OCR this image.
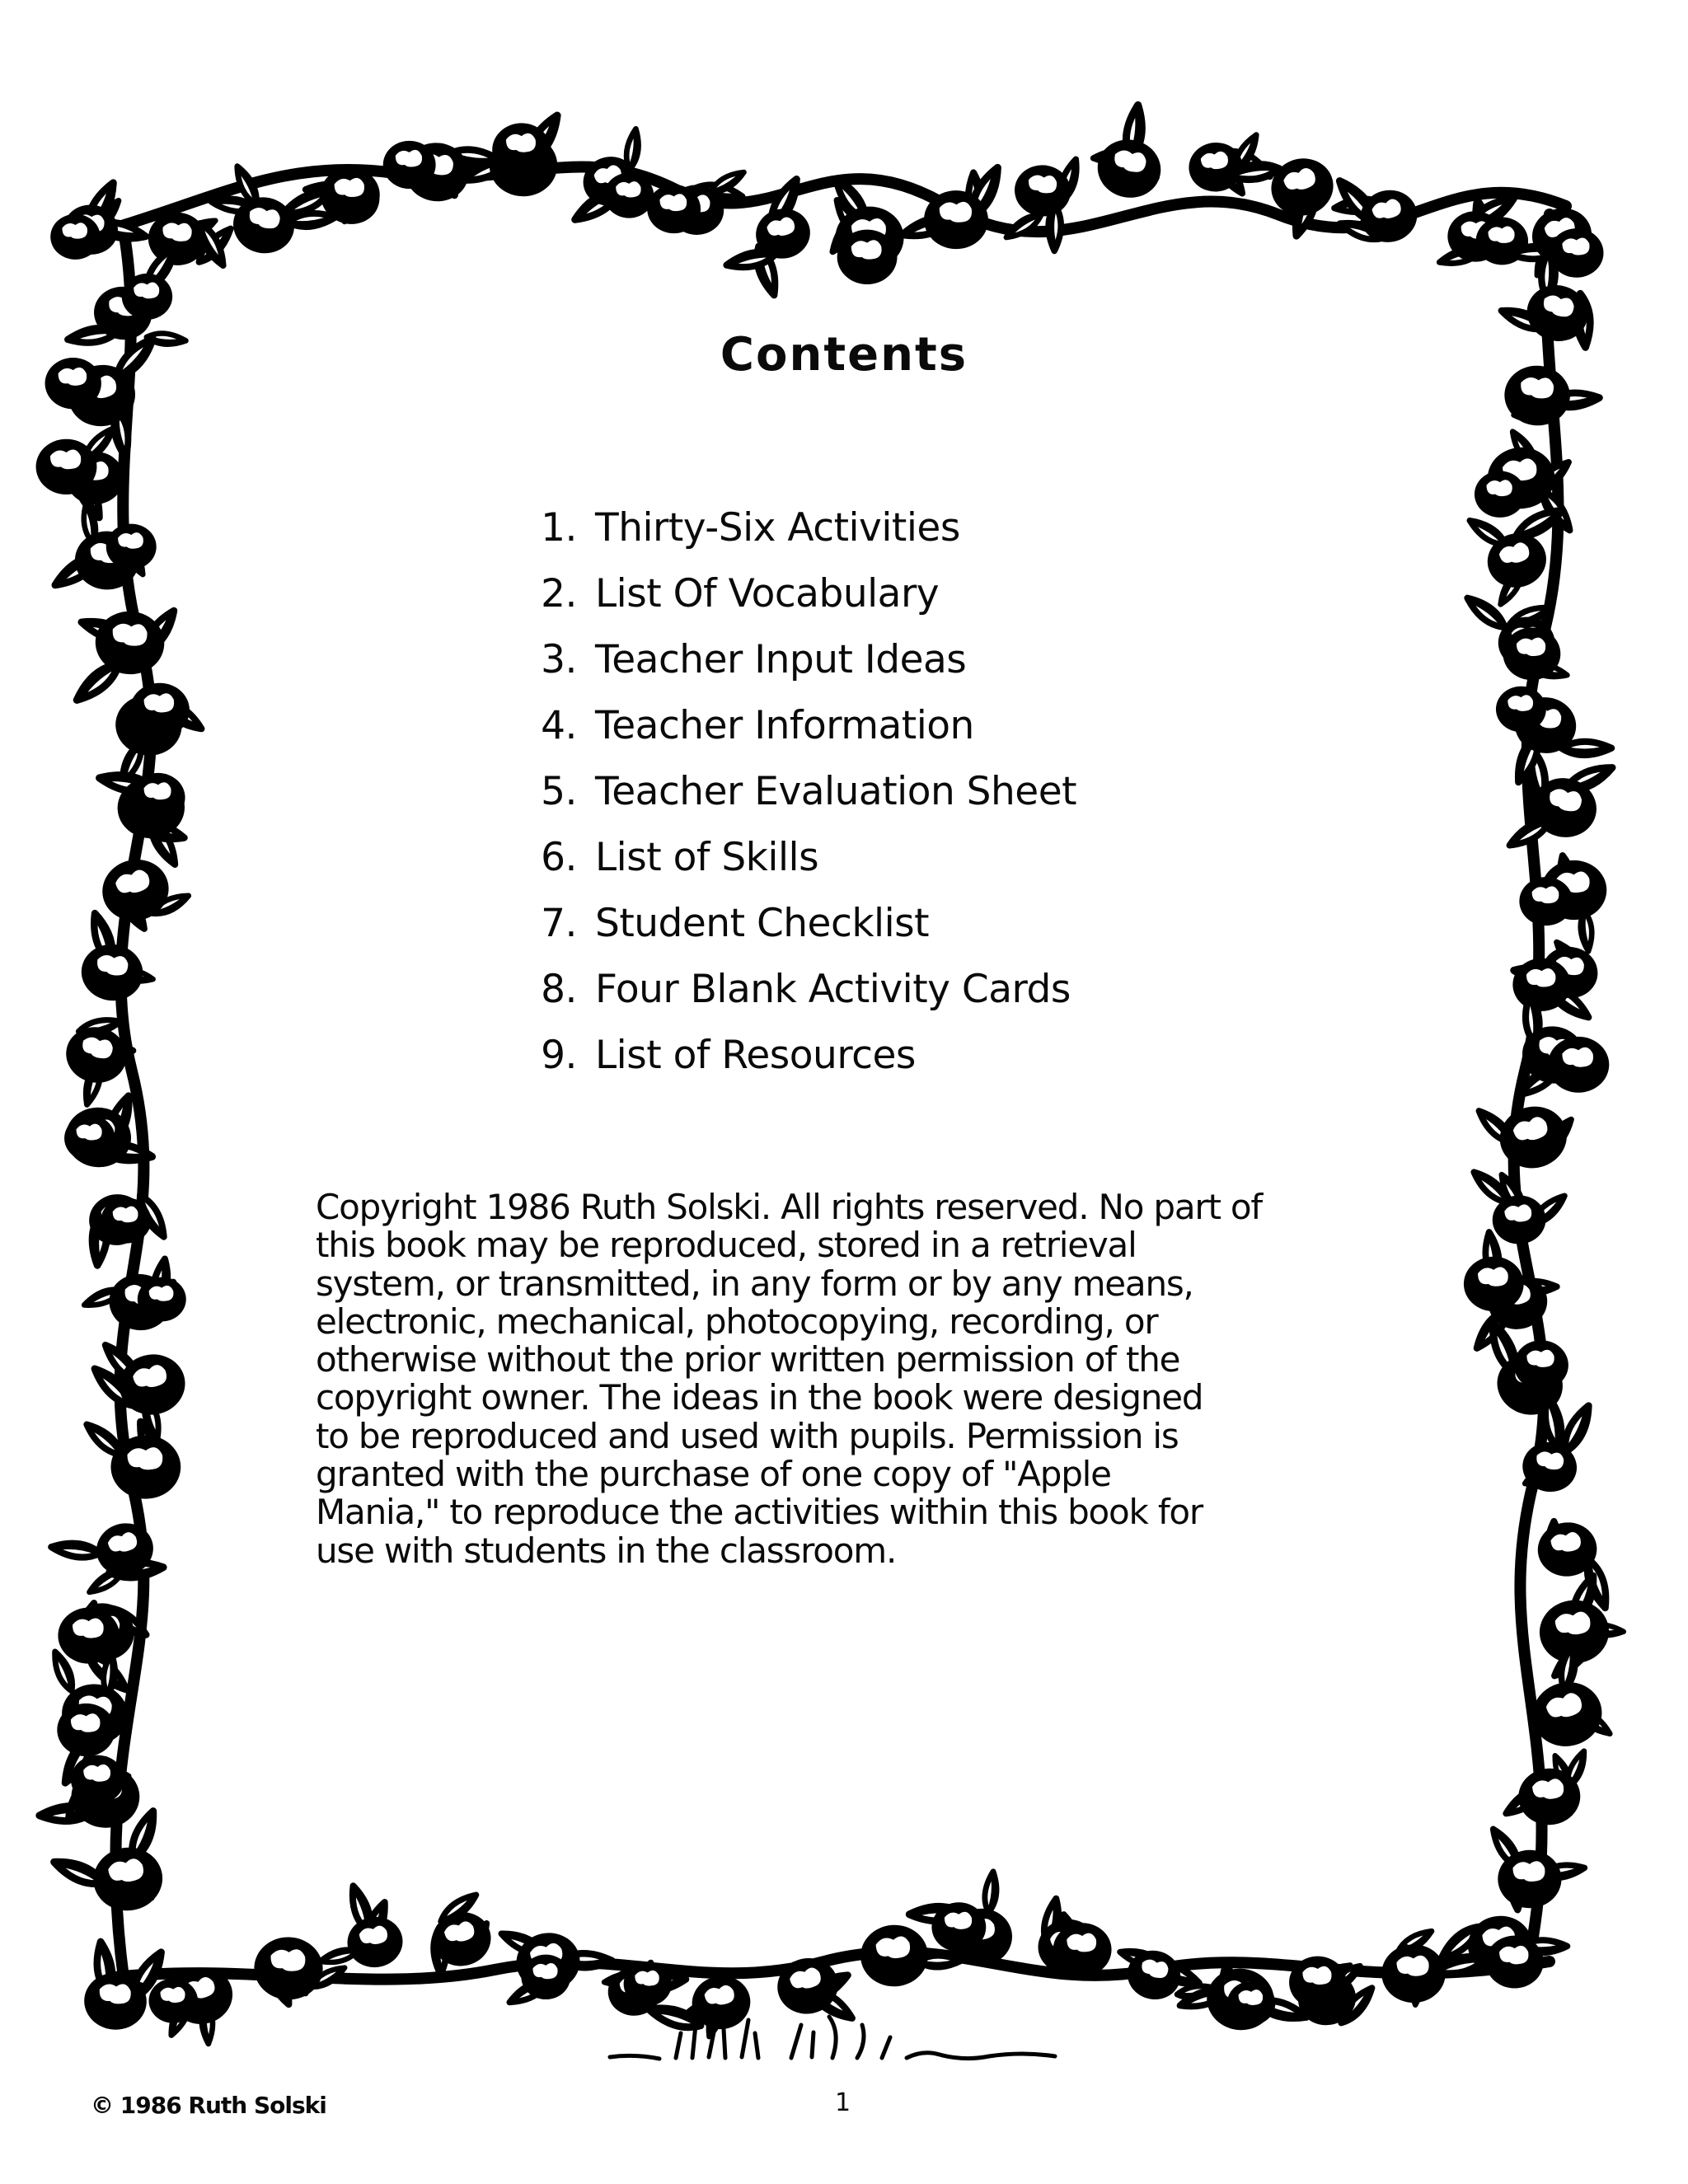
Contents
1. Thirty-Six Activities
2. List Of Vocabulary
3. Teacher Input Ideas
4. Teacher Information
5. Teacher Evaluation Sheet
6. List of Skills
7. Student Checklist
8. Four Blank Activity Cards
9. List of Resources

Copyright 1986 Ruth Solski. All rights reserved. No part of
this book may be reproduced, stored in a retrieval
system, or transmitted, in any form or by any means,
electronic, mechanical, photocopying, recording, or
otherwise without the prior written permission of the
copyright owner. The ideas in the book were designed
to be reproduced and used with pupils. Permission is
granted with the purchase of one copy of "Apple
Mania," to reproduce the activities within this book for
use with students in the classroom.

© 1986 Ruth Solski	1
